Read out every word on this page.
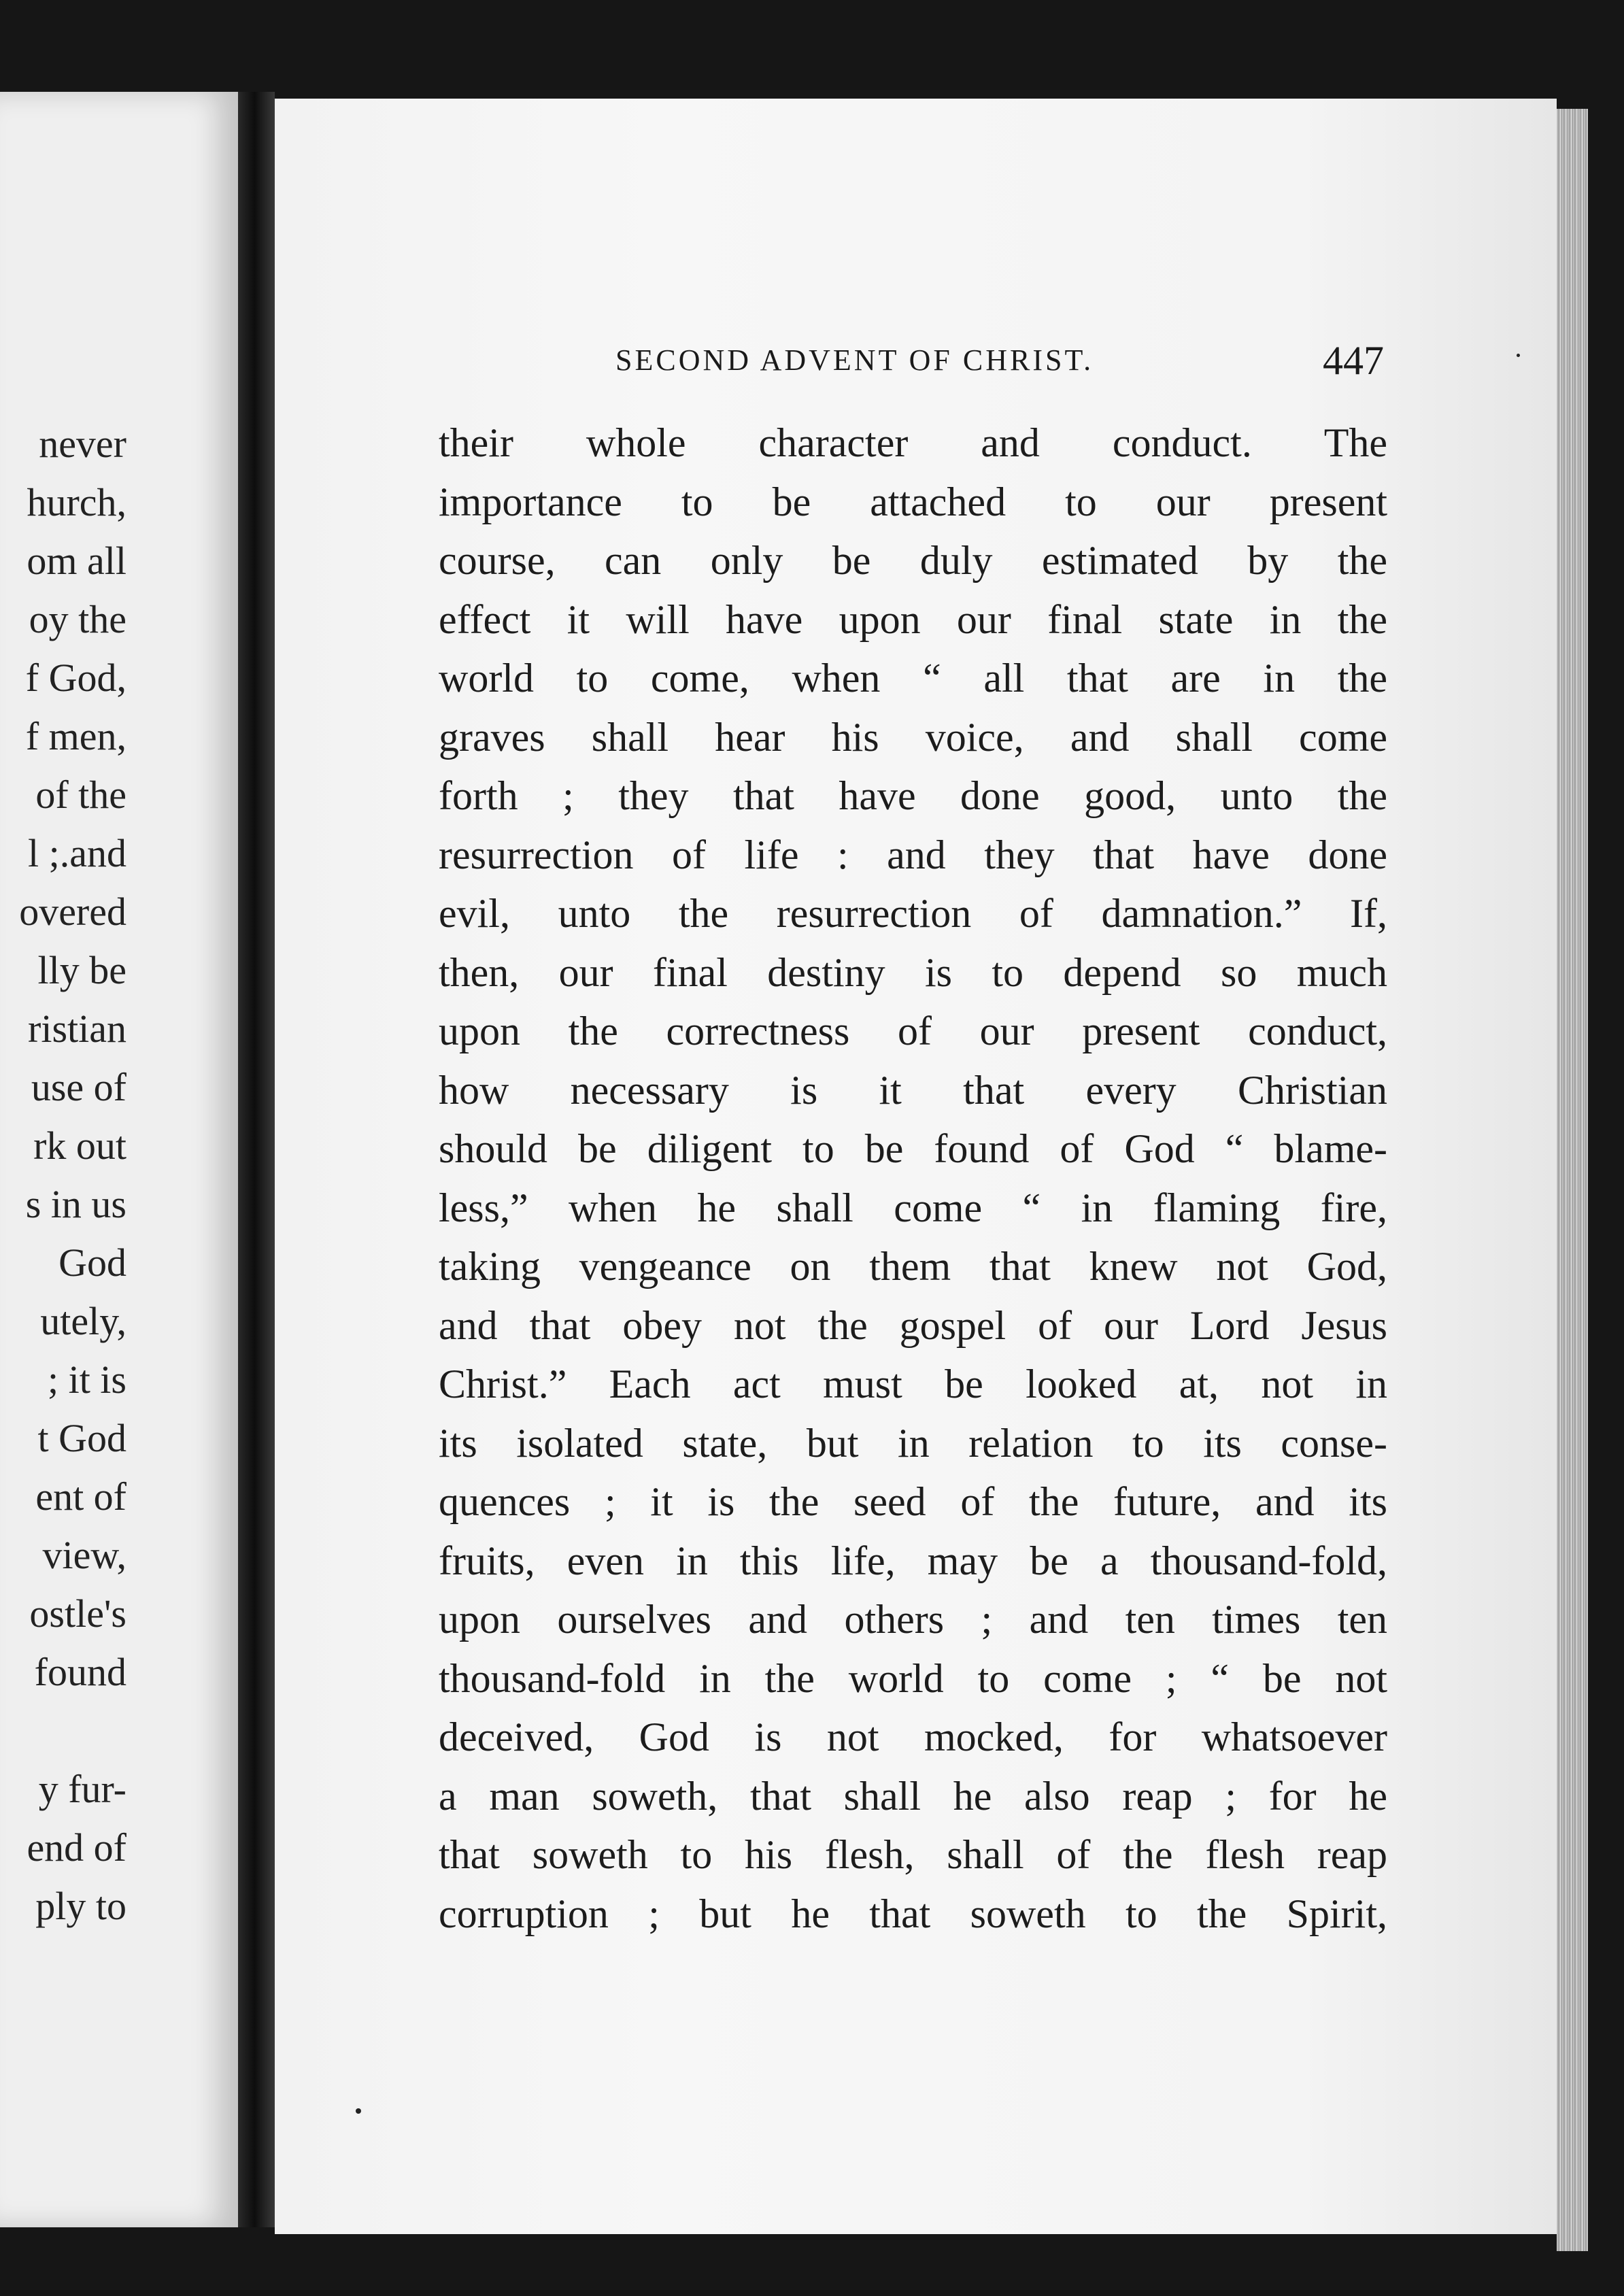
never
hurch,
om all
oy the
f God,
f men,
of the
l ;.and
overed
lly be
ristian
use of
rk out
s in us
God
utely,
; it is
t God
ent of
view,
ostle's
found
y fur-
end of
ply to
SECOND ADVENT OF CHRIST.	447
their whole character and conduct. The
importance to be attached to our present
course, can only be duly estimated by the
effect it will have upon our final state in the
world to come, when “ all that are in the
graves shall hear his voice, and shall come
forth ; they that have done good, unto the
resurrection of life : and they that have done
evil, unto the resurrection of damnation.” If,
then, our final destiny is to depend so much
upon the correctness of our present conduct,
how necessary is it that every Christian
should be diligent to be found of God “ blame-
less,” when he shall come “ in flaming fire,
taking vengeance on them that knew not God,
and that obey not the gospel of our Lord Jesus
Christ.” Each act must be looked at, not in
its isolated state, but in relation to its conse-
quences ; it is the seed of the future, and its
fruits, even in this life, may be a thousand-fold,
upon ourselves and others ; and ten times ten
thousand-fold in the world to come ; “ be not
deceived, God is not mocked, for whatsoever
a man soweth, that shall he also reap ; for he
that soweth to his flesh, shall of the flesh reap
corruption ; but he that soweth to the Spirit,
